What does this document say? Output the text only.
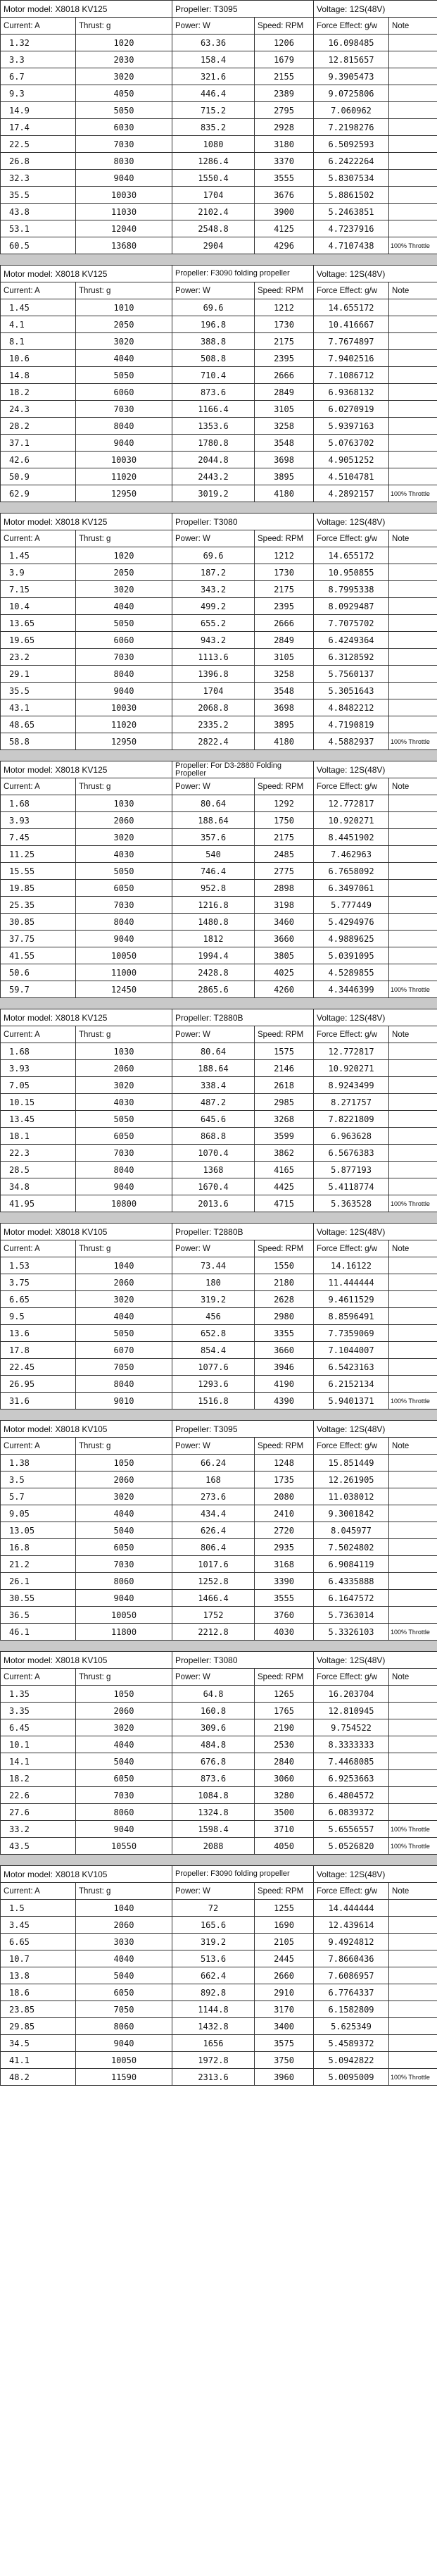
Motor model: X8018 KV125		Propeller: T3095		Voltage: 12S(48V)	
Current: A	Thrust: g	Power: W	Speed: RPM	Force Effect: g/w	Note
1.32	1020	63.36	1206	16.098485	
3.3	2030	158.4	1679	12.815657	
6.7	3020	321.6	2155	9.3905473	
9.3	4050	446.4	2389	9.0725806	
14.9	5050	715.2	2795	7.060962	
17.4	6030	835.2	2928	7.2198276	
22.5	7030	1080	3180	6.5092593	
26.8	8030	1286.4	3370	6.2422264	
32.3	9040	1550.4	3555	5.8307534	
35.5	10030	1704	3676	5.8861502	
43.8	11030	2102.4	3900	5.2463851	
53.1	12040	2548.8	4125	4.7237916	
60.5	13680	2904	4296	4.7107438	100% Throttle
Motor model: X8018 KV125		Propeller: F3090 folding propeller		Voltage: 12S(48V)	
Current: A	Thrust: g	Power: W	Speed: RPM	Force Effect: g/w	Note
1.45	1010	69.6	1212	14.655172	
4.1	2050	196.8	1730	10.416667	
8.1	3020	388.8	2175	7.7674897	
10.6	4040	508.8	2395	7.9402516	
14.8	5050	710.4	2666	7.1086712	
18.2	6060	873.6	2849	6.9368132	
24.3	7030	1166.4	3105	6.0270919	
28.2	8040	1353.6	3258	5.9397163	
37.1	9040	1780.8	3548	5.0763702	
42.6	10030	2044.8	3698	4.9051252	
50.9	11020	2443.2	3895	4.5104781	
62.9	12950	3019.2	4180	4.2892157	100% Throttle
Motor model: X8018 KV125		Propeller: T3080		Voltage: 12S(48V)	
Current: A	Thrust: g	Power: W	Speed: RPM	Force Effect: g/w	Note
1.45	1020	69.6	1212	14.655172	
3.9	2050	187.2	1730	10.950855	
7.15	3020	343.2	2175	8.7995338	
10.4	4040	499.2	2395	8.0929487	
13.65	5050	655.2	2666	7.7075702	
19.65	6060	943.2	2849	6.4249364	
23.2	7030	1113.6	3105	6.3128592	
29.1	8040	1396.8	3258	5.7560137	
35.5	9040	1704	3548	5.3051643	
43.1	10030	2068.8	3698	4.8482212	
48.65	11020	2335.2	3895	4.7190819	
58.8	12950	2822.4	4180	4.5882937	100% Throttle
Motor model: X8018 KV125		Propeller: For D3-2880 Folding Propeller		Voltage: 12S(48V)	
Current: A	Thrust: g	Power: W	Speed: RPM	Force Effect: g/w	Note
1.68	1030	80.64	1292	12.772817	
3.93	2060	188.64	1750	10.920271	
7.45	3020	357.6	2175	8.4451902	
11.25	4030	540	2485	7.462963	
15.55	5050	746.4	2775	6.7658092	
19.85	6050	952.8	2898	6.3497061	
25.35	7030	1216.8	3198	5.777449	
30.85	8040	1480.8	3460	5.4294976	
37.75	9040	1812	3660	4.9889625	
41.55	10050	1994.4	3805	5.0391095	
50.6	11000	2428.8	4025	4.5289855	
59.7	12450	2865.6	4260	4.3446399	100% Throttle
Motor model: X8018 KV125		Propeller: T2880B		Voltage: 12S(48V)	
Current: A	Thrust: g	Power: W	Speed: RPM	Force Effect: g/w	Note
1.68	1030	80.64	1575	12.772817	
3.93	2060	188.64	2146	10.920271	
7.05	3020	338.4	2618	8.9243499	
10.15	4030	487.2	2985	8.271757	
13.45	5050	645.6	3268	7.8221809	
18.1	6050	868.8	3599	6.963628	
22.3	7030	1070.4	3862	6.5676383	
28.5	8040	1368	4165	5.877193	
34.8	9040	1670.4	4425	5.4118774	
41.95	10800	2013.6	4715	5.363528	100% Throttle
Motor model: X8018 KV105		Propeller: T2880B		Voltage: 12S(48V)	
Current: A	Thrust: g	Power: W	Speed: RPM	Force Effect: g/w	Note
1.53	1040	73.44	1550	14.16122	
3.75	2060	180	2180	11.444444	
6.65	3020	319.2	2628	9.4611529	
9.5	4040	456	2980	8.8596491	
13.6	5050	652.8	3355	7.7359069	
17.8	6070	854.4	3660	7.1044007	
22.45	7050	1077.6	3946	6.5423163	
26.95	8040	1293.6	4190	6.2152134	
31.6	9010	1516.8	4390	5.9401371	100% Throttle
Motor model: X8018 KV105		Propeller: T3095		Voltage: 12S(48V)	
Current: A	Thrust: g	Power: W	Speed: RPM	Force Effect: g/w	Note
1.38	1050	66.24	1248	15.851449	
3.5	2060	168	1735	12.261905	
5.7	3020	273.6	2080	11.038012	
9.05	4040	434.4	2410	9.3001842	
13.05	5040	626.4	2720	8.045977	
16.8	6050	806.4	2935	7.5024802	
21.2	7030	1017.6	3168	6.9084119	
26.1	8060	1252.8	3390	6.4335888	
30.55	9040	1466.4	3555	6.1647572	
36.5	10050	1752	3760	5.7363014	
46.1	11800	2212.8	4030	5.3326103	100% Throttle
Motor model: X8018 KV105		Propeller: T3080		Voltage: 12S(48V)	
Current: A	Thrust: g	Power: W	Speed: RPM	Force Effect: g/w	Note
1.35	1050	64.8	1265	16.203704	
3.35	2060	160.8	1765	12.810945	
6.45	3020	309.6	2190	9.754522	
10.1	4040	484.8	2530	8.3333333	
14.1	5040	676.8	2840	7.4468085	
18.2	6050	873.6	3060	6.9253663	
22.6	7030	1084.8	3280	6.4804572	
27.6	8060	1324.8	3500	6.0839372	
33.2	9040	1598.4	3710	5.6556557	100% Throttle
43.5	10550	2088	4050	5.0526820	100% Throttle
Motor model: X8018 KV105		Propeller: F3090 folding propeller		Voltage: 12S(48V)	
Current: A	Thrust: g	Power: W	Speed: RPM	Force Effect: g/w	Note
1.5	1040	72	1255	14.444444	
3.45	2060	165.6	1690	12.439614	
6.65	3030	319.2	2105	9.4924812	
10.7	4040	513.6	2445	7.8660436	
13.8	5040	662.4	2660	7.6086957	
18.6	6050	892.8	2910	6.7764337	
23.85	7050	1144.8	3170	6.1582809	
29.85	8060	1432.8	3400	5.625349	
34.5	9040	1656	3575	5.4589372	
41.1	10050	1972.8	3750	5.0942822	
48.2	11590	2313.6	3960	5.0095009	100% Throttle
